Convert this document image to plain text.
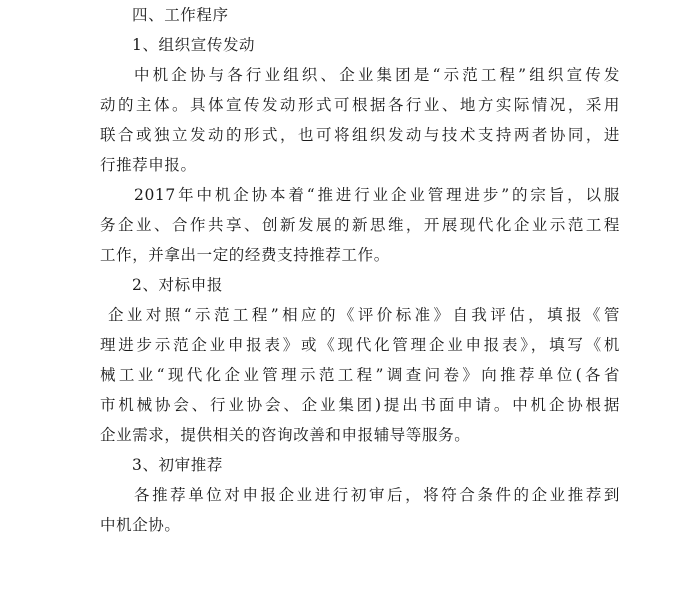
四、工作程序
1、组织宣传发动
中机企协与各行业组织、企业集团是“示范工程”组织宣传发
动的主体。具体宣传发动形式可根据各行业、地方实际情况，采用
联合或独立发动的形式，也可将组织发动与技术支持两者协同，进
行推荐申报。
2017年中机企协本着“推进行业企业管理进步”的宗旨，以服
务企业、合作共享、创新发展的新思维，开展现代化企业示范工程
工作，并拿出一定的经费支持推荐工作。
2、对标申报
企业对照“示范工程”相应的《评价标准》自我评估，填报《管
理进步示范企业申报表》或《现代化管理企业申报表》，填写《机
械工业“现代化企业管理示范工程”调查问卷》向推荐单位(各省
市机械协会、行业协会、企业集团)提出书面申请。中机企协根据
企业需求，提供相关的咨询改善和申报辅导等服务。
3、初审推荐
各推荐单位对申报企业进行初审后，将符合条件的企业推荐到
中机企协。
